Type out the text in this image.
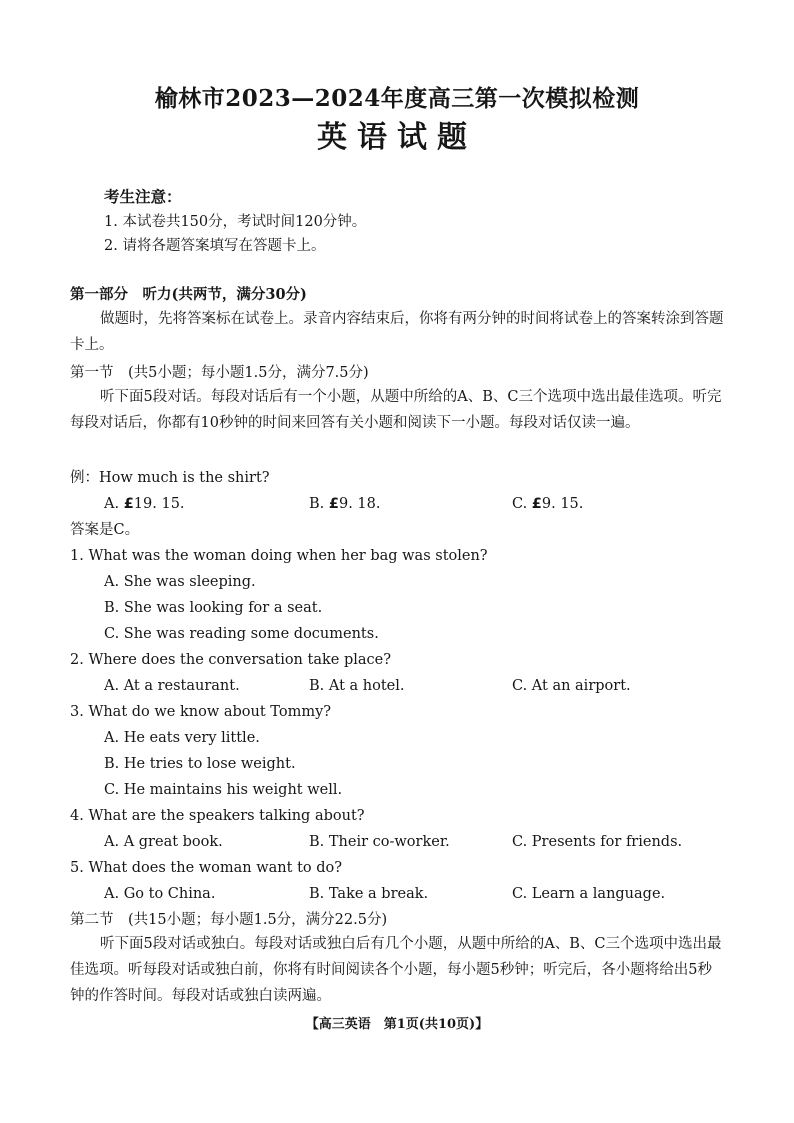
榆林市2023—2024年度高三第一次模拟检测
英语试题
考生注意：
1. 本试卷共150分，考试时间120分钟。
2. 请将各题答案填写在答题卡上。
第一部分　听力(共两节，满分30分)
做题时，先将答案标在试卷上。录音内容结束后，你将有两分钟的时间将试卷上的答案转涂到答题卡上。
第一节　(共5小题；每小题1.5分，满分7.5分)
听下面5段对话。每段对话后有一个小题，从题中所给的A、B、C三个选项中选出最佳选项。听完每段对话后，你都有10秒钟的时间来回答有关小题和阅读下一小题。每段对话仅读一遍。
例：How much is the shirt?
A. £19. 15.	B. £9. 18.	C. £9. 15.
答案是C。
1. What was the woman doing when her bag was stolen?
A. She was sleeping.
B. She was looking for a seat.
C. She was reading some documents.
2. Where does the conversation take place?
A. At a restaurant.	B. At a hotel.	C. At an airport.
3. What do we know about Tommy?
A. He eats very little.
B. He tries to lose weight.
C. He maintains his weight well.
4. What are the speakers talking about?
A. A great book.	B. Their co-worker.	C. Presents for friends.
5. What does the woman want to do?
A. Go to China.	B. Take a break.	C. Learn a language.
第二节　(共15小题；每小题1.5分，满分22.5分)
听下面5段对话或独白。每段对话或独白后有几个小题，从题中所给的A、B、C三个选项中选出最佳选项。听每段对话或独白前，你将有时间阅读各个小题，每小题5秒钟；听完后，各小题将给出5秒钟的作答时间。每段对话或独白读两遍。
【高三英语　第1页(共10页)】
